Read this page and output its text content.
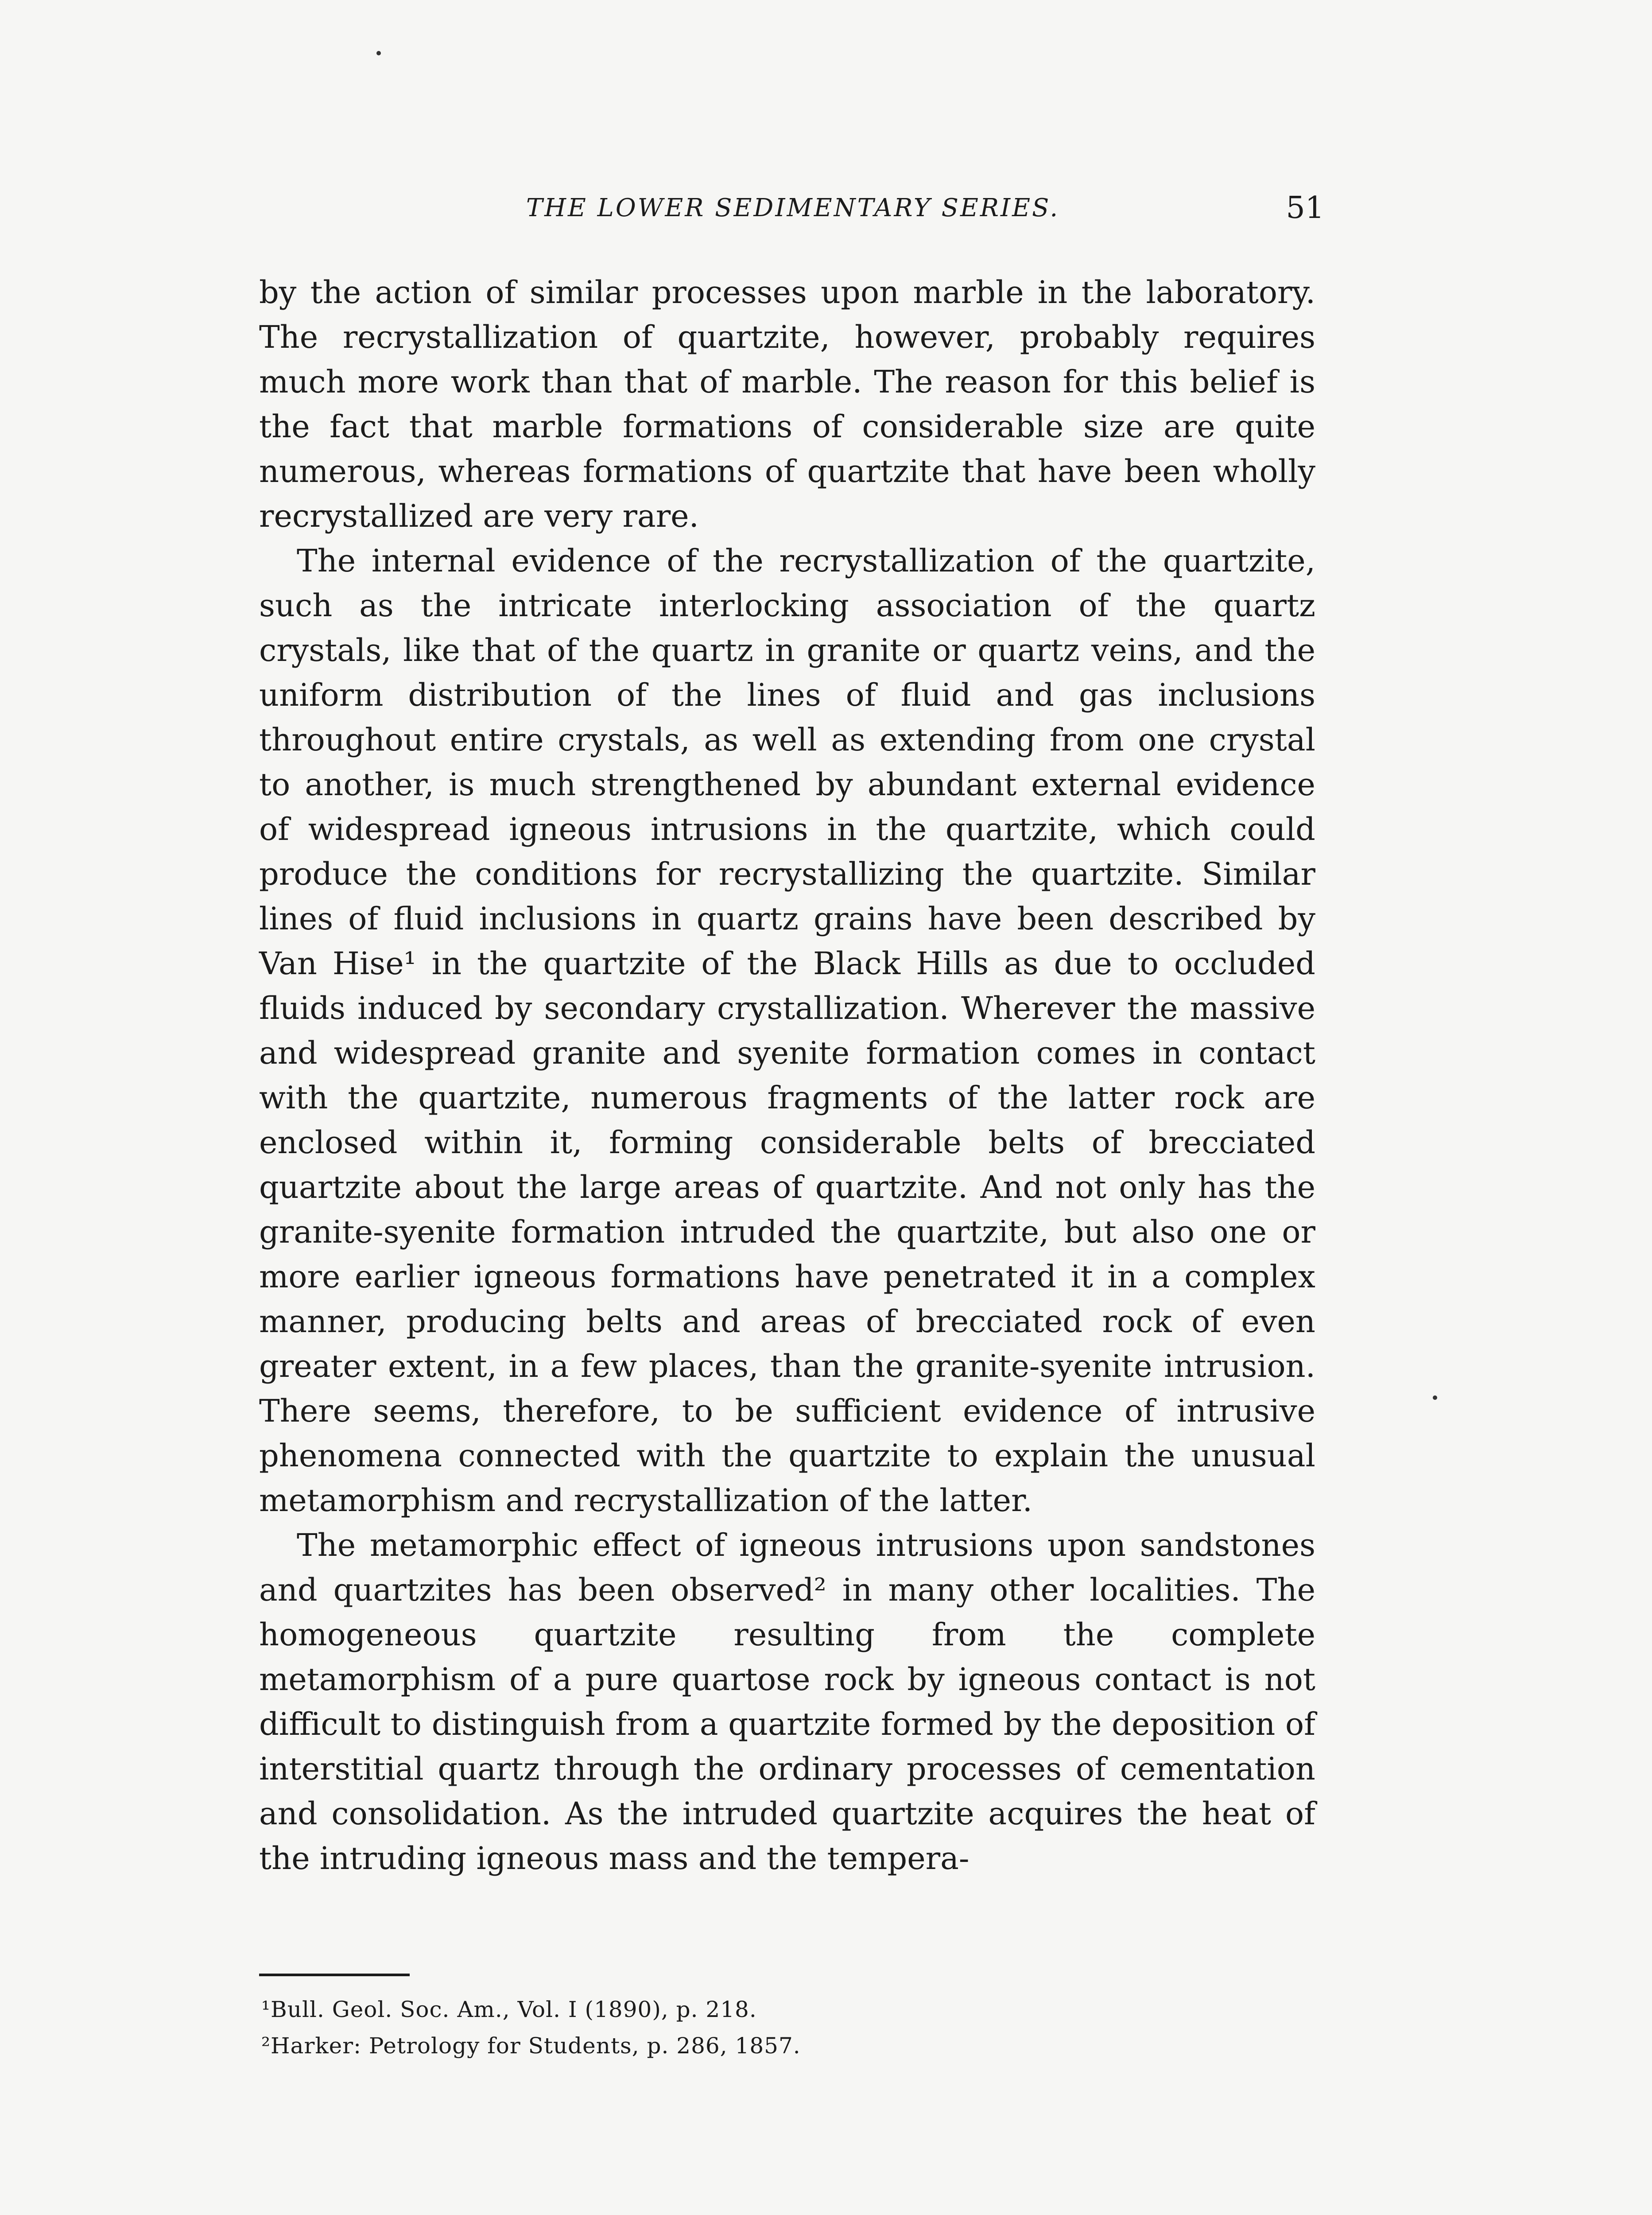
THE LOWER SEDIMENTARY SERIES.	51

by the action of similar processes upon marble in the laboratory. The recrystallization of quartzite, however, probably requires much more work than that of marble. The reason for this belief is the fact that marble formations of considerable size are quite numerous, whereas formations of quartzite that have been wholly recrystallized are very rare.

The internal evidence of the recrystallization of the quartzite, such as the intricate interlocking association of the quartz crystals, like that of the quartz in granite or quartz veins, and the uniform distribution of the lines of fluid and gas inclusions throughout entire crystals, as well as extending from one crystal to another, is much strengthened by abundant external evidence of widespread igneous intrusions in the quartzite, which could produce the conditions for recrystallizing the quartzite. Similar lines of fluid inclusions in quartz grains have been described by Van Hise¹ in the quartzite of the Black Hills as due to occluded fluids induced by secondary crystallization. Wherever the massive and widespread granite and syenite formation comes in contact with the quartzite, numerous fragments of the latter rock are enclosed within it, forming considerable belts of brecciated quartzite about the large areas of quartzite. And not only has the granite-syenite formation intruded the quartzite, but also one or more earlier igneous formations have penetrated it in a complex manner, producing belts and areas of brecciated rock of even greater extent, in a few places, than the granite-syenite intrusion. There seems, therefore, to be sufficient evidence of intrusive phenomena connected with the quartzite to explain the unusual metamorphism and recrystallization of the latter.

The metamorphic effect of igneous intrusions upon sandstones and quartzites has been observed² in many other localities. The homogeneous quartzite resulting from the complete metamorphism of a pure quartose rock by igneous contact is not difficult to distinguish from a quartzite formed by the deposition of interstitial quartz through the ordinary processes of cementation and consolidation. As the intruded quartzite acquires the heat of the intruding igneous mass and the tempera-

¹Bull. Geol. Soc. Am., Vol. I (1890), p. 218.
²Harker: Petrology for Students, p. 286, 1857.
